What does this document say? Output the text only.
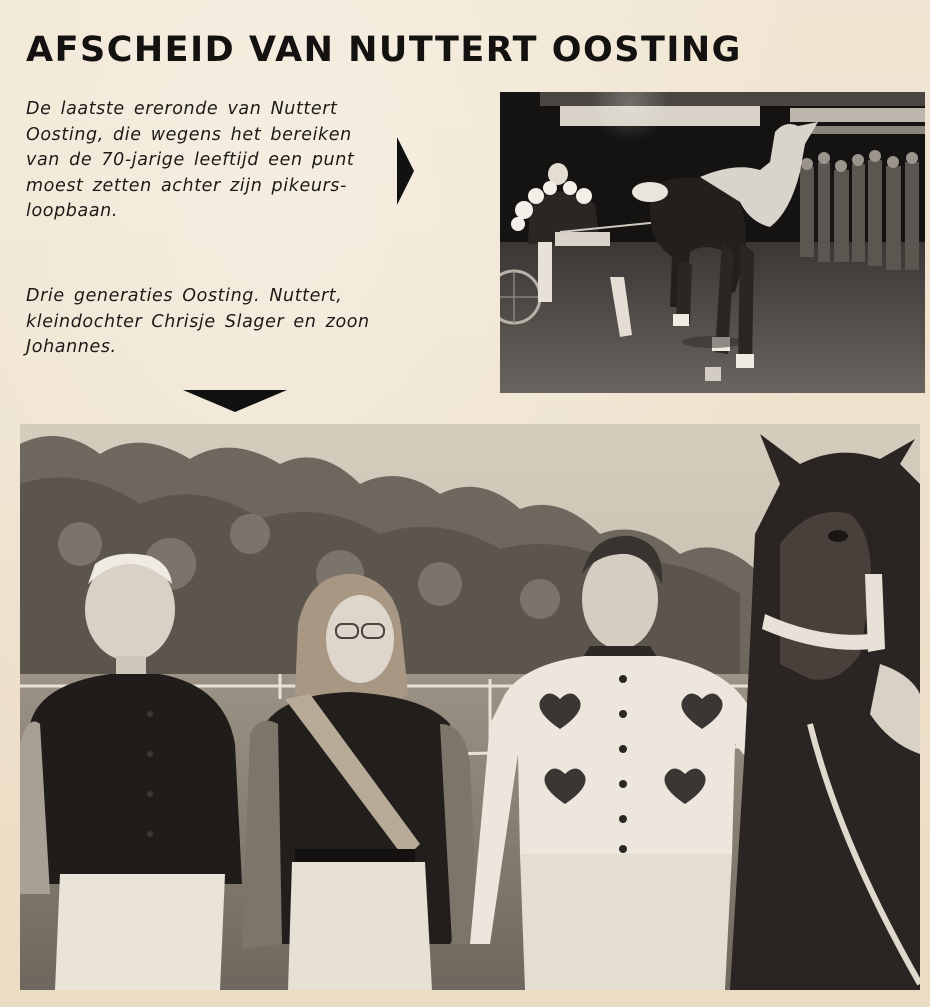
AFSCHEID VAN NUTTERT OOSTING

De laatste ereronde van Nuttert Oosting, die wegens het bereiken van de 70-jarige leeftijd een punt moest zetten achter zijn pikeursloopbaan.

Drie generaties Oosting. Nuttert, kleindochter Chrisje Slager en zoon Johannes.
